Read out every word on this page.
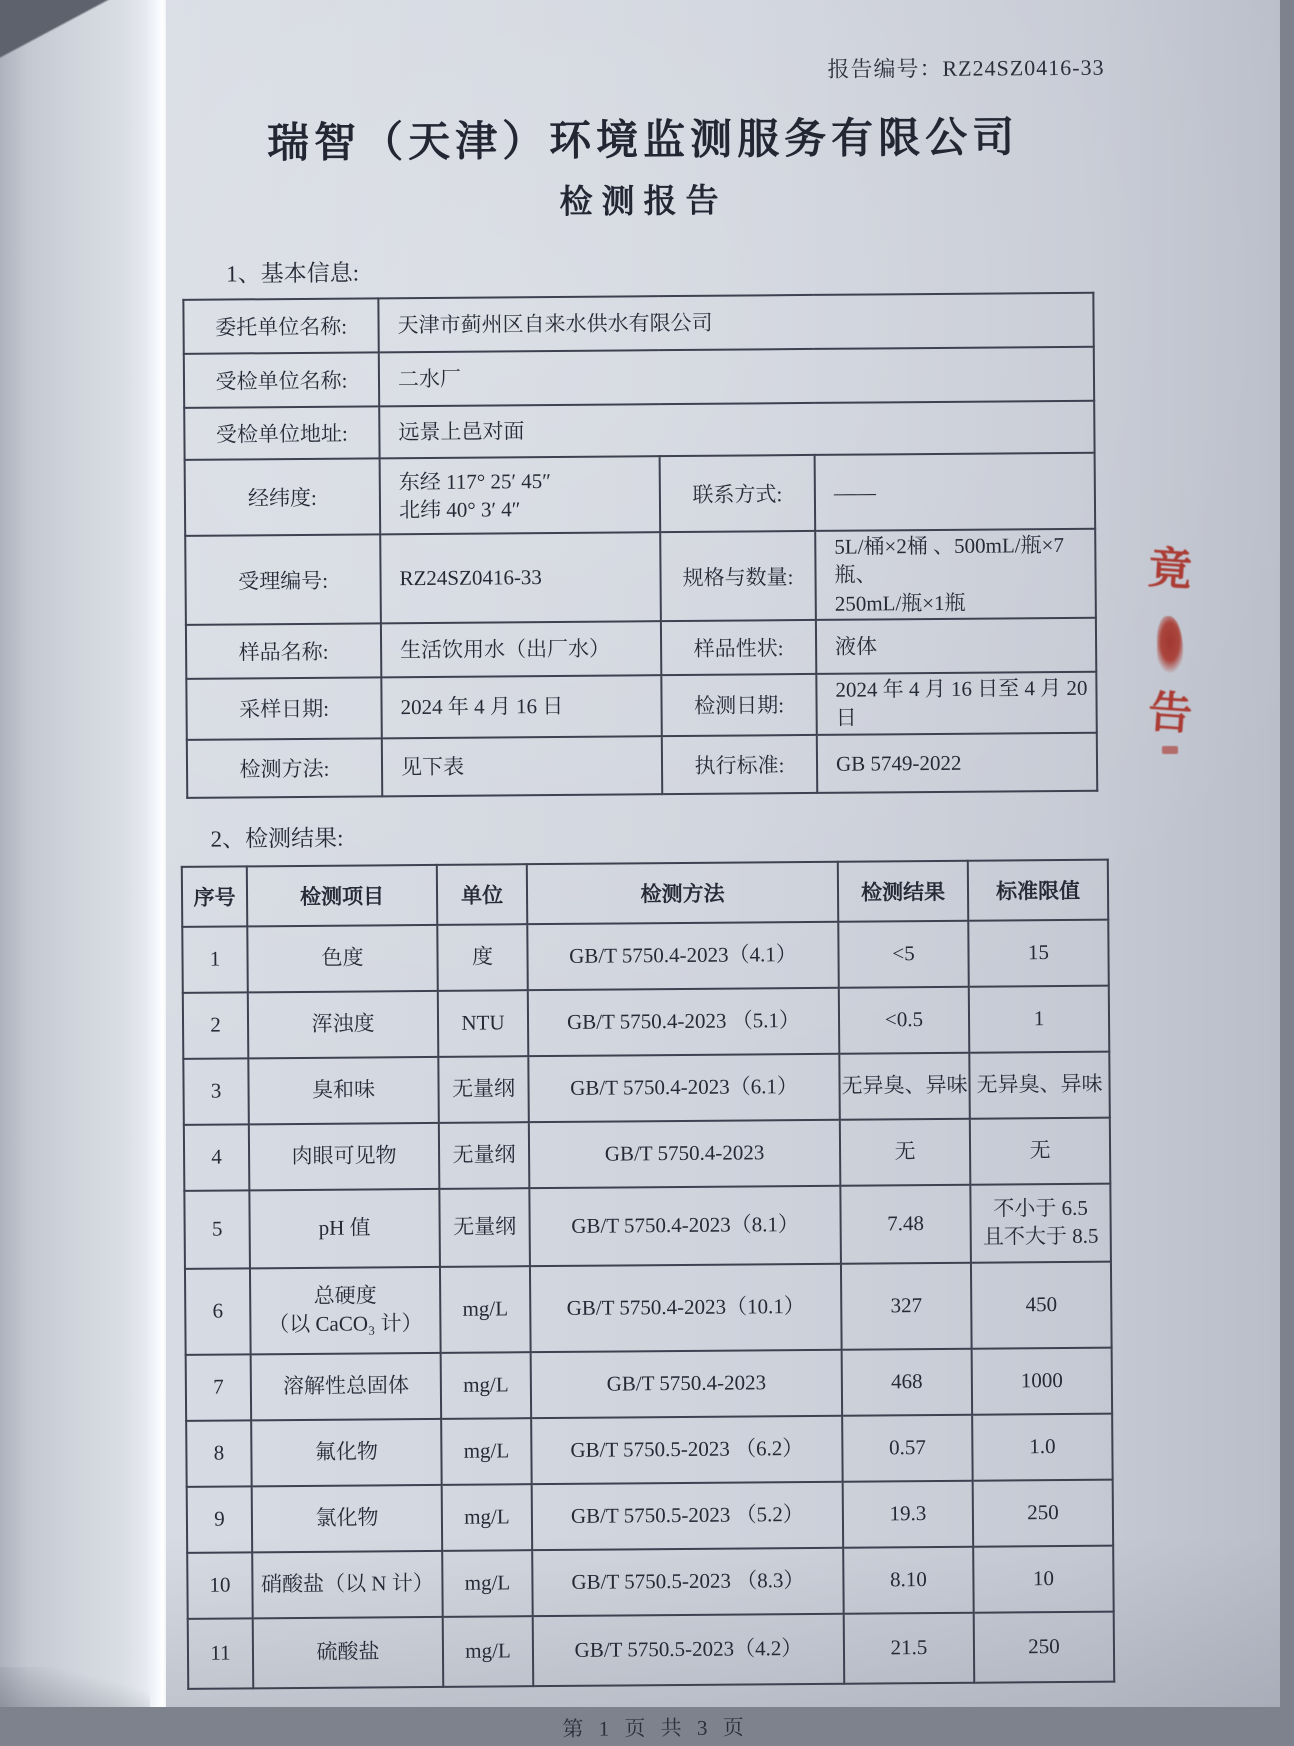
报告编号：RZ24SZ0416-33
瑞智（天津）环境监测服务有限公司
检测报告
1、基本信息:
委托单位名称:	天津市蓟州区自来水供水有限公司		
受检单位名称:	二水厂		
受检单位地址:	远景上邑对面		
经纬度:	东经 117° 25′ 45″
北纬 40° 3′ 4″	联系方式:	——
受理编号:	RZ24SZ0416-33	规格与数量:	5L/桶×2桶 、500mL/瓶×7瓶、
250mL/瓶×1瓶
样品名称:	生活饮用水（出厂水）	样品性状:	液体
采样日期:	2024 年 4 月 16 日	检测日期:	2024 年 4 月 16 日至 4 月 20 日
检测方法:	见下表	执行标准:	GB 5749-2022
2、检测结果:
序号	检测项目	单位	检测方法	检测结果	标准限值
1	色度	度	GB/T 5750.4-2023（4.1）	<5	15
2	浑浊度	NTU	GB/T 5750.4-2023 （5.1）	<0.5	1
3	臭和味	无量纲	GB/T 5750.4-2023（6.1）	无异臭、异味	无异臭、异味
4	肉眼可见物	无量纲	GB/T 5750.4-2023	无	无
5	pH 值	无量纲	GB/T 5750.4-2023（8.1）	7.48	不小于 6.5
且不大于 8.5
6	总硬度
（以 CaCO₃ 计）	mg/L	GB/T 5750.4-2023（10.1）	327	450
7	溶解性总固体	mg/L	GB/T 5750.4-2023	468	1000
8	氟化物	mg/L	GB/T 5750.5-2023 （6.2）	0.57	1.0
9	氯化物	mg/L	GB/T 5750.5-2023 （5.2）	19.3	250
10	硝酸盐（以 N 计）	mg/L	GB/T 5750.5-2023 （8.3）	8.10	10
11	硫酸盐	mg/L	GB/T 5750.5-2023（4.2）	21.5	250
第 1 页 共 3 页
竟
告
